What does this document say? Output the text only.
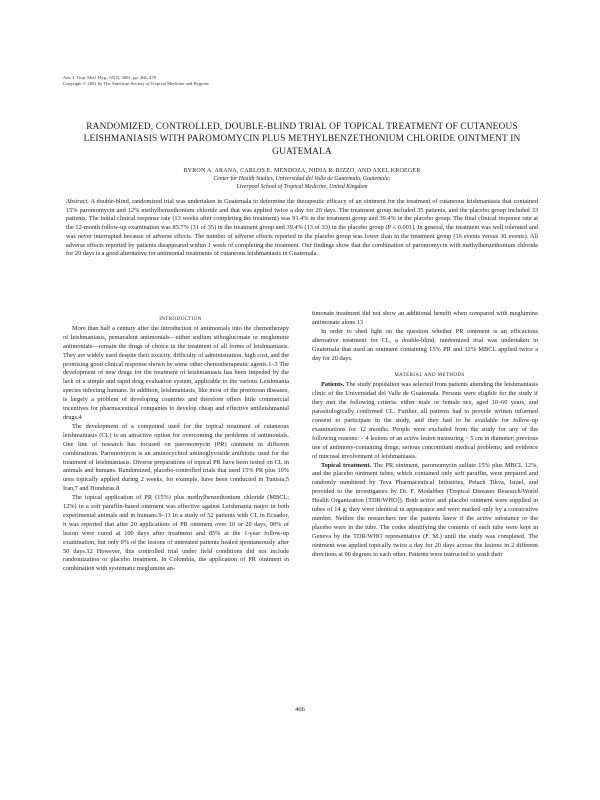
Am. J. Trop. Med. Hyg., 65(5), 2001, pp. 466–470
Copyright © 2001 by The American Society of Tropical Medicine and Hygiene
RANDOMIZED, CONTROLLED, DOUBLE-BLIND TRIAL OF TOPICAL TREATMENT OF CUTANEOUS LEISHMANIASIS WITH PAROMOMYCIN PLUS METHYLBENZETHONIUM CHLORIDE OINTMENT IN GUATEMALA
BYRON A. ARANA, CARLOS E. MENDOZA, NIDIA R. RIZZO, AND AXEL KROEGER
Center for Health Studies, Universidad del Valle de Guatemala, Guatemala;
Liverpool School of Tropical Medicine, United Kingdom
Abstract. A double-blind, randomized trial was undertaken in Guatemala to determine the therapeutic efficacy of an ointment for the treatment of cutaneous leishmaniasis that contained 15% paromomycin and 12% methylbenzethonium chloride and that was applied twice a day for 20 days. The treatment group included 35 patients, and the placebo group included 33 patients. The initial clinical response rate (13 weeks after completing the treatment) was 91.4% in the treatment group and 39.4% in the placebo group. The final clinical response rate at the 12-month follow-up examination was 85.7% (31 of 35) in the treatment group and 39.4% (13 of 33) in the placebo group (P ≤ 0.001). In general, the treatment was well tolerated and was never interrupted because of adverse effects. The number of adverse effects reported in the placebo group was lower than in the treatment group (16 events versus 30 events). All adverse effects reported by patients disappeared within 1 week of completing the treatment. Our findings show that the combination of paromomycin with methylbenzethonium chloride for 20 days is a good alternative for antimonial treatments of cutaneous leishmaniasis in Guatemala.

INTRODUCTION

More than half a century after the introduction of antimonials into the chemotherapy of leishmaniasis, pentavalent antimonials—either sodium stibogluconate or meglumine antimoniate—remain the drugs of choice in the treatment of all forms of leishmaniasis. They are widely used despite their toxicity, difficulty of administration, high cost, and the promising good clinical response shown by some other chemotherapeutic agents.1–3 The development of new drugs for the treatment of leishmaniasis has been impeded by the lack of a simple and rapid drug evaluation system, applicable to the various Leishmania species infecting humans. In addition, leishmaniasis, like most of the protozoan diseases, is largely a problem of developing countries and therefore offers little commercial incentives for pharmaceutical companies to develop cheap and effective antileishmanial drugs.4

The development of a compound used for the topical treatment of cutaneous leishmaniasis (CL) is an attractive option for overcoming the problems of antimonials. One line of research has focused on paromomycin (PR) ointment in different combinations. Paromomycin is an aminocyclitol aminoglycoside antibiotic used for the treatment of leishmaniasis. Diverse preparations of topical PR have been tested on CL in animals and humans. Randomized, placebo-controlled trials that used 15% PR plus 10% urea topically applied during 2 weeks, for example, have been conducted in Tunisia,5 Iran,7 and Honduras.8

The topical application of PR (15%) plus methylbenzethonium chloride (MBCL; 12%) in a soft paraffin-based ointment was effective against Leishmania major in both experimental animals and in humans.9–11 In a study of 52 patients with CL in Ecuador, it was reported that after 20 applications of PR ointment over 10 or 20 days, 90% of lesion were cured at 100 days after treatment and 85% at the 1-year follow-up examination, but only 9% of the lesions of untreated patients healed spontaneously after 50 days.12 However, this controlled trial under field conditions did not include randomization or placebo treatment. In Colombia, the application of PR ointment in combination with systematic meglumine an-

timonate treatment did not show an additional benefit when compared with meglumine antimonate alone.13

In order to shed light on the question whether PR ointment is an efficacious alternative treatment for CL, a double-blind, randomized trial was undertaken in Guatemala that used an ointment containing 15% PR and 12% MBCL applied twice a day for 20 days.

MATERIAL AND METHODS

Patients. The study population was selected from patients attending the leishmaniasis clinic of the Universidad del Valle de Guatemala. Persons were eligible for the study if they met the following criteria: either male or female sex, aged 10–60 years, and parasitologically confirmed CL. Further, all patients had to provide written informed consent to participate in the study, and they had to be available for follow-up examinations for 12 months. People were excluded from the study for any of the following reasons: > 4 lesions or an active lesion measuring > 5 cm in diameter; previous use of antimony-containing drugs; serious concomitant medical problems; and evidence of mucosal involvement of leishmaniasis.

Topical treatment. The PR ointment, paromomycin sulfate 15% plus MBCL 12%, and the placebo ointment tubes, which contained only soft paraffin, were prepared and randomly numbered by Teva Pharmaceutical Industries, Petach Tikva, Israel, and provided to the investigators by Dr. F. Modabber (Tropical Diseases Research/World Health Organization [TDR/WHO]). Both active and placebo ointment were supplied in tubes of 14 g; they were identical in appearance and were marked only by a consecutive number. Neither the researchers nor the patients knew if the active substance or the placebo were in the tube. The codes identifying the contents of each tube were kept in Geneva by the TDR/WHO representative (F. M.) until the study was completed. The ointment was applied topically twice a day for 20 days across the lesions in 2 different directions at 90 degrees to each other. Patients were instructed to wash their

466
